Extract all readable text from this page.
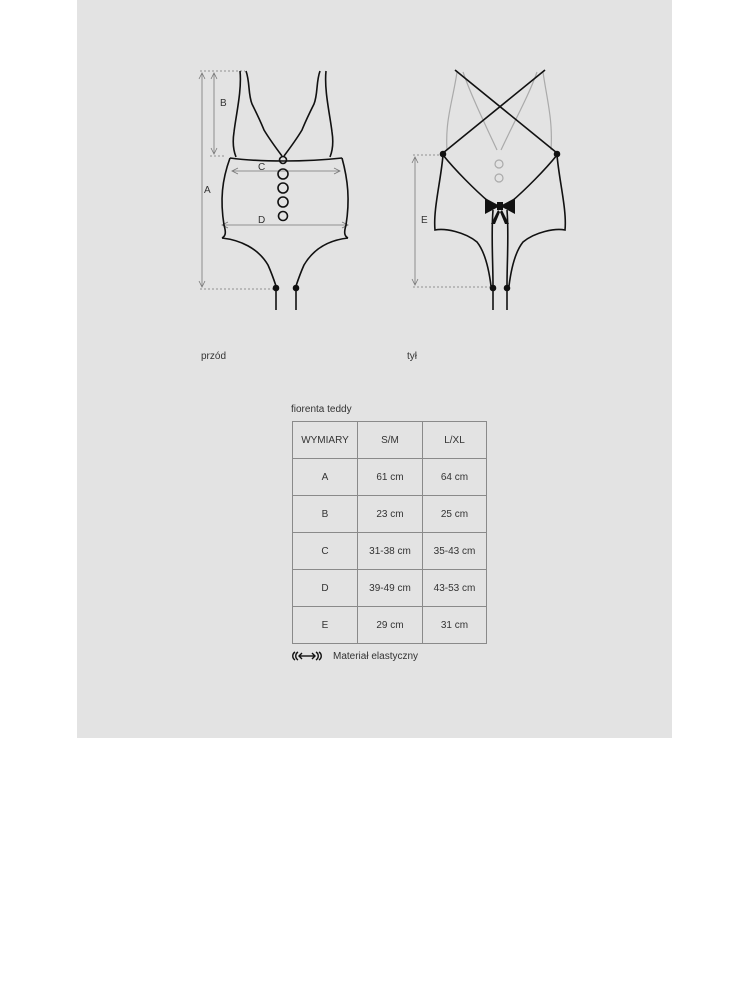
B
A
C
D	E
przód	tył
fiorenta teddy
WYMIARY	S/M	L/XL
A	61 cm	64 cm
B	23 cm	25 cm
C	31-38 cm	35-43 cm
D	39-49 cm	43-53 cm
E	29 cm	31 cm
Materiał elastyczny
